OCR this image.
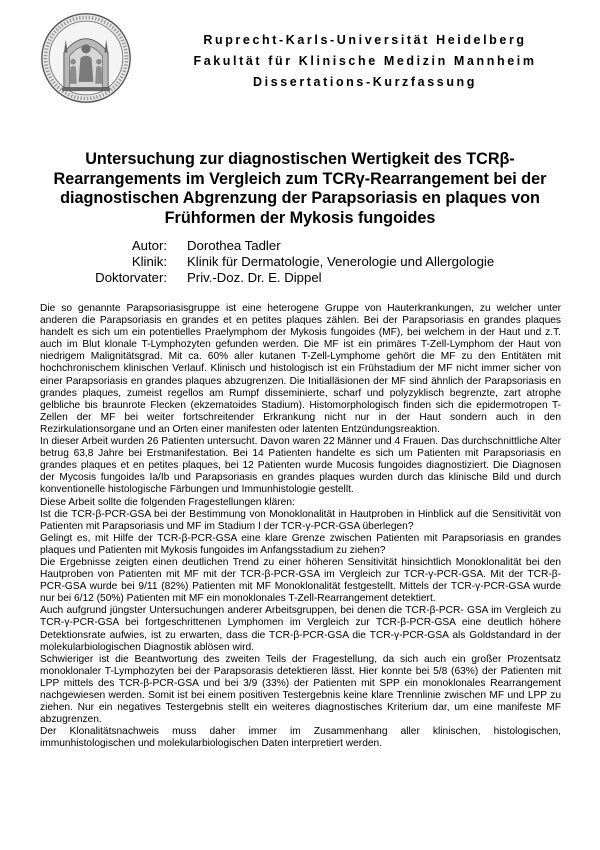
Ruprecht-Karls-Universität Heidelberg
Fakultät für Klinische Medizin Mannheim
Dissertations-Kurzfassung
Untersuchung zur diagnostischen Wertigkeit des TCRβ-Rearrangements im Vergleich zum TCRγ-Rearrangement bei der diagnostischen Abgrenzung der Parapsoriasis en plaques von Frühformen der Mykosis fungoides
Autor:	Dorothea Tadler
Klinik:	Klinik für Dermatologie, Venerologie und Allergologie
Doktorvater:	Priv.-Doz. Dr. E. Dippel

Die so genannte Parapsoriasisgruppe ist eine heterogene Gruppe von Hauterkrankungen, zu welcher unter anderen die Parapsoriasis en grandes et en petites plaques zählen. Bei der Parapsoriasis en grandes plaques handelt es sich um ein potentielles Praelymphom der Mykosis fungoides (MF), bei welchem in der Haut und z.T. auch im Blut klonale T-Lymphozyten gefunden werden. Die MF ist ein primäres T-Zell-Lymphom der Haut von niedrigem Malignitätsgrad. Mit ca. 60% aller kutanen T-Zell-Lymphome gehört die MF zu den Entitäten mit hochchronischem klinischen Verlauf. Klinisch und histologisch ist ein Frühstadium der MF nicht immer sicher von einer Parapsoriasis en grandes plaques abzugrenzen. Die Initialläsionen der MF sind ähnlich der Parapsoriasis en grandes plaques, zumeist regellos am Rumpf disseminierte, scharf und polyzyklisch begrenzte, zart atrophe gelbliche bis braunrote Flecken (ekzematoides Stadium). Histomorphologisch finden sich die epidermotropen T-Zellen der MF bei weiter fortschreitender Erkrankung nicht nur in der Haut sondern auch in den Rezirkulationsorgane und an Orten einer manifesten oder latenten Entzündungsreaktion.

In dieser Arbeit wurden 26 Patienten untersucht. Davon waren 22 Männer und 4 Frauen. Das durchschnittliche Alter betrug 63,8 Jahre bei Erstmanifestation. Bei 14 Patienten handelte es sich um Patienten mit Parapsoriasis en grandes plaques et en petites plaques, bei 12 Patienten wurde Mucosis fungoides diagnostiziert. Die Diagnosen der Mycosis fungoides Ia/Ib und Parapsoriasis en grandes plaques wurden durch das klinische Bild und durch konventionelle histologische Färbungen und Immunhistologie gestellt.

Diese Arbeit sollte die folgenden Fragestellungen klären:

Ist die TCR-β-PCR-GSA bei der Bestimmung von Monoklonalität in Hautproben in Hinblick auf die Sensitivität von Patienten mit Parapsoriasis und MF im Stadium I der TCR-γ-PCR-GSA überlegen?

Gelingt es, mit Hilfe der TCR-β-PCR-GSA eine klare Grenze zwischen Patienten mit Parapsoriasis en grandes plaques und Patienten mit Mykosis fungoides im Anfangsstadium zu ziehen?

Die Ergebnisse zeigten einen deutlichen Trend zu einer höheren Sensitivität hinsichtlich Monoklonalität bei den Hautproben von Patienten mit MF mit der TCR-β-PCR-GSA im Vergleich zur TCR-γ-PCR-GSA. Mit der TCR-β-PCR-GSA wurde bei 9/11 (82%) Patienten mit MF Monoklonalität festgestellt. Mittels der TCR-γ-PCR-GSA wurde nur bei 6/12 (50%) Patienten mit MF ein monoklonales T-Zell-Rearrangement detektiert.

Auch aufgrund jüngster Untersuchungen anderer Arbeitsgruppen, bei denen die TCR-β-PCR- GSA im Vergleich zu TCR-γ-PCR-GSA bei fortgeschrittenen Lymphomen im Vergleich zur TCR-β-PCR-GSA eine deutlich höhere Detektionsrate aufwies, ist zu erwarten, dass die TCR-β-PCR-GSA die TCR-γ-PCR-GSA als Goldstandard in der molekularbiologischen Diagnostik ablösen wird.

Schwieriger ist die Beantwortung des zweiten Teils der Fragestellung, da sich auch ein großer Prozentsatz monoklonaler T-Lymphozyten bei der Parapsorasis detektieren lässt. Hier konnte bei 5/8 (63%) der Patienten mit LPP mittels des TCR-β-PCR-GSA und bei 3/9 (33%) der Patienten mit SPP ein monoklonales Rearrangement nachgewiesen werden. Somit ist bei einem positiven Testergebnis keine klare Trennlinie zwischen MF und LPP zu ziehen. Nur ein negatives Testergebnis stellt ein weiteres diagnostisches Kriterium dar, um eine manifeste MF abzugrenzen.

Der Klonalitätsnachweis muss daher immer im Zusammenhang aller klinischen, histologischen, immunhistologischen und molekularbiologischen Daten interpretiert werden.
